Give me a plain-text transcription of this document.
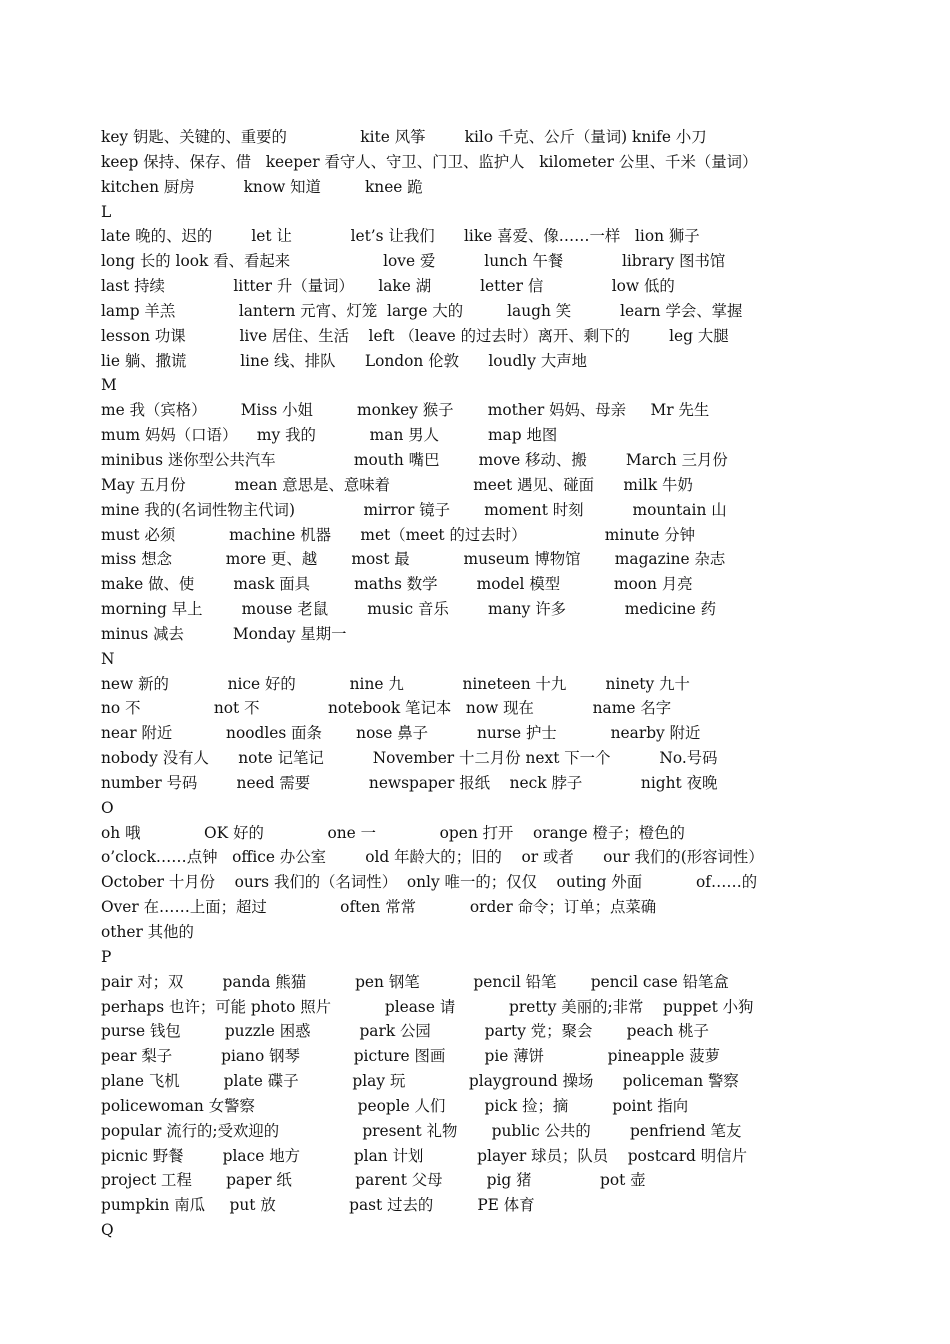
key 钥匙、关键的、重要的               kite 风筝        kilo 千克、公斤（量词) knife 小刀
keep 保持、保存、借   keeper 看守人、守卫、门卫、监护人   kilometer 公里、千米（量词）
kitchen 厨房          know 知道         knee 跪
L
late 晚的、迟的        let 让            let’s 让我们      like 喜爱、像……一样   lion 狮子
long 长的 look 看、看起来                   love 爱          lunch 午餐            library 图书馆
last 持续              litter 升（量词）     lake 湖          letter 信              low 低的
lamp 羊羔             lantern 元宵、灯笼  large 大的         laugh 笑          learn 学会、掌握
lesson 功课           live 居住、生活    left （leave 的过去时）离开、剩下的        leg 大腿
lie 躺、撒谎           line 线、排队      London 伦敦      loudly 大声地
M
me 我（宾格）       Miss 小姐         monkey 猴子       mother 妈妈、母亲     Mr 先生
mum 妈妈（口语）    my 我的           man 男人          map 地图
minibus 迷你型公共汽车                mouth 嘴巴        move 移动、搬        March 三月份
May 五月份          mean 意思是、意味着                 meet 遇见、碰面      milk 牛奶
mine 我的(名词性物主代词)              mirror 镜子       moment 时刻          mountain 山
must 必须           machine 机器      met（meet 的过去时）                minute 分钟
miss 想念           more 更、越       most 最           museum 博物馆       magazine 杂志
make 做、使        mask 面具         maths 数学        model 模型           moon 月亮
morning 早上        mouse 老鼠        music 音乐        many 许多            medicine 药
minus 减去          Monday 星期一
N
new 新的            nice 好的           nine 九            nineteen 十九        ninety 九十
no 不               not 不              notebook 笔记本   now 现在            name 名字
near 附近           noodles 面条       nose 鼻子          nurse 护士           nearby 附近
nobody 没有人      note 记笔记          November 十二月份 next 下一个          No.号码
number 号码        need 需要            newspaper 报纸    neck 脖子            night 夜晚
O
oh 哦             OK 好的             one 一             open 打开    orange 橙子；橙色的
o’clock……点钟   office 办公室        old 年龄大的；旧的    or 或者      our 我们的(形容词性）
October 十月份    ours 我们的（名词性）  only 唯一的；仅仅    outing 外面           of……的
Over 在……上面；超过               often 常常           order 命令；订单；点菜确
other 其他的
P
pair 对；双        panda 熊猫          pen 钢笔           pencil 铅笔       pencil case 铅笔盒
perhaps 也许；可能 photo 照片           please 请           pretty 美丽的;非常    puppet 小狗
purse 钱包         puzzle 困惑          park 公园           party 党；聚会       peach 桃子
pear 梨子          piano 钢琴           picture 图画        pie 薄饼             pineapple 菠萝
plane 飞机         plate 碟子           play 玩             playground 操场      policeman 警察
policewoman 女警察                     people 人们        pick 捡；摘         point 指向
popular 流行的;受欢迎的                 present 礼物       public 公共的        penfriend 笔友
picnic 野餐        place 地方           plan 计划           player 球员；队员    postcard 明信片
project 工程       paper 纸             parent 父母         pig 猪              pot 壶
pumpkin 南瓜     put 放               past 过去的         PE 体育
Q
